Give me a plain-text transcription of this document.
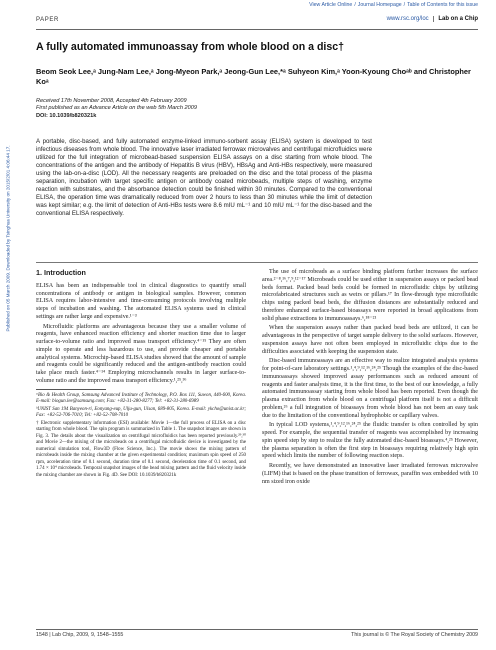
View Article Online / Journal Homepage / Table of Contents for this issue
Published on 05 March 2009. Downloaded by Tsinghua University on 2015/2/01 4:06:44 17.
PAPER	www.rsc.org/loc Lab on a Chip
A fully automated immunoassay from whole blood on a disc†
Beom Seok Lee,ᵃ Jung-Nam Lee,ᵃ Jong-Myeon Park,ᵃ Jeong-Gun Lee,*ᵃ Suhyeon Kim,ᵃ Yoon-Kyoung Choᵃᵇ and Christopher Koᵃ
Received 17th November 2008, Accepted 4th February 2009
First published as an Advance Article on the web 5th March 2009
DOI: 10.1039/b820321k
A portable, disc-based, and fully automated enzyme-linked immuno-sorbent assay (ELISA) system is developed to test infectious diseases from whole blood. The innovative laser irradiated ferrowax microvalves and centrifugal microfluidics were utilized for the full integration of microbead-based suspension ELISA assays on a disc starting from whole blood. The concentrations of the antigen and the antibody of Hepatitis B virus (HBV), HBsAg and Anti-HBs respectively, were measured using the lab-on-a-disc (LOD). All the necessary reagents are preloaded on the disc and the total process of the plasma separation, incubation with target specific antigen or antibody coated microbeads, multiple steps of washing, enzyme reaction with substrates, and the absorbance detection could be finished within 30 minutes. Compared to the conventional ELISA, the operation time was dramatically reduced from over 2 hours to less than 30 minutes while the limit of detection was kept similar; e.g. the limit of detection of Anti-HBs tests were 8.6 mIU mL⁻¹ and 10 mIU mL⁻¹ for the disc-based and the conventional ELISA respectively.
1. Introduction

ELISA has been an indispensable tool in clinical diagnostics to quantify small concentrations of antibody or antigen in biological samples. However, common ELISA requires labor-intensive and time-consuming protocols involving multiple steps of incubation and washing. The automated ELISA systems used in clinical settings are rather large and expensive.¹⁻³

Microfluidic platforms are advantageous because they use a smaller volume of reagents, have enhanced reaction efficiency and shorter reaction time due to larger surface-to-volume ratio and improved mass transport efficiency.⁴⁻¹⁵ They are often simple to operate and less hazardous to use, and provide cheaper and portable analytical systems. Microchip-based ELISA studies showed that the amount of sample and reagents could be significantly reduced and the antigen-antibody reaction could take place much faster.⁴⁻¹⁴ Employing microchannels results in larger surface-to-volume ratio and the improved mass transport efficiency.¹,²⁵,³⁶

ᵃBio & Health Group, Samsung Advanced Institute of Technology, P.O. Box 111, Suwon, 440-600, Korea. E-mail: biogun.lee@samsung.com; Fax: +82-31-280-8277; Tel: +82-31-280-6989

ᵇUNIST San 194 Banyeon-ri, Eonyang-eup, Ulju-gun, Ulsan, 689-805, Korea. E-mail: ykcho@unist.ac.kr; Fax: +82-52-706-7010; Tel: +82-52-708-7010

† Electronic supplementary information (ESI) available: Movie 1—the full process of ELISA on a disc starting from whole blood. The spin program is summarized in Table 1. The snapshot images are shown in Fig. 3. The details about the visualization on centrifugal microfluidics has been reported previously.²⁹,³⁰ and Movie 2—the mixing of the microbeads on a centrifugal microfluidic device is investigated by the numerical simulation tool, Flow3D (Flow Science, Inc.). The movie shows the mixing pattern of microbeads inside the mixing chamber at the given experimental condition; maximum spin speed of 250 rpm, acceleration time of 0.1 second, duration time of 0.1 second, deceleration time of 0.1 second, and 1.74 × 10⁴ microbeads. Temporal snapshot images of the bead mixing pattern and the fluid velocity inside the mixing chamber are shown in Fig. 4D. See DOI: 10.1039/b820321k

The use of microbeads as a surface binding platform further increases the surface area.²⁻⁸,¹⁶,⁷,⁹,¹²⁻¹⁷ Microbeads could be used either in suspension assays or packed bead beds format. Packed bead beds could be formed in microfluidic chips by utilizing microfabricated structures such as weirs or pillars.¹⁷ In flow-through type microfluidic chips using packed bead beds, the diffusion distances are substantially reduced and therefore enhanced surface-based bioassays were reported in broad applications from solid phase extractions to immunoassays.⁶,¹⁸⁻²¹

When the suspension assays rather than packed bead beds are utilized, it can be advantageous in the perspective of target sample delivery to the solid surfaces. However, suspension assays have not often been employed in microfluidic chips due to the difficulties associated with keeping the suspension state.

Disc-based immunoassays are an effective way to realize integrated analysis systems for point-of-care laboratory settings.¹,⁴,⁹,¹²,¹⁶,²⁴,²⁵ Though the examples of the disc-based immunoassays showed improved assay performances such as reduced amount of reagents and faster analysis time, it is the first time, to the best of our knowledge, a fully automated immunoassay starting from whole blood has been reported. Even though the plasma extraction from whole blood on a centrifugal platform itself is not a difficult problem,²⁶ a full integration of bioassays from whole blood has not been an easy task due to the limitation of the conventional hydrophobic or capillary valves.

In typical LOD systems,¹,⁴,⁹,¹²,¹⁶,²⁴,²⁵ the fluidic transfer is often controlled by spin speed. For example, the sequential transfer of reagents was accomplished by increasing spin speed step by step to realize the fully automated disc-based bioassays.⁴,²⁵ However, the plasma separation is often the first step in bioassays requiring relatively high spin speed which limits the number of following reaction steps.

Recently, we have demonstrated an innovative laser irradiated ferrowax microvalve (LIFM) that is based on the phase transition of ferrowax, paraffin wax embedded with 10 nm sized iron oxide

1548 | Lab Chip, 2009, 9, 1548–1555	This journal is © The Royal Society of Chemistry 2009
